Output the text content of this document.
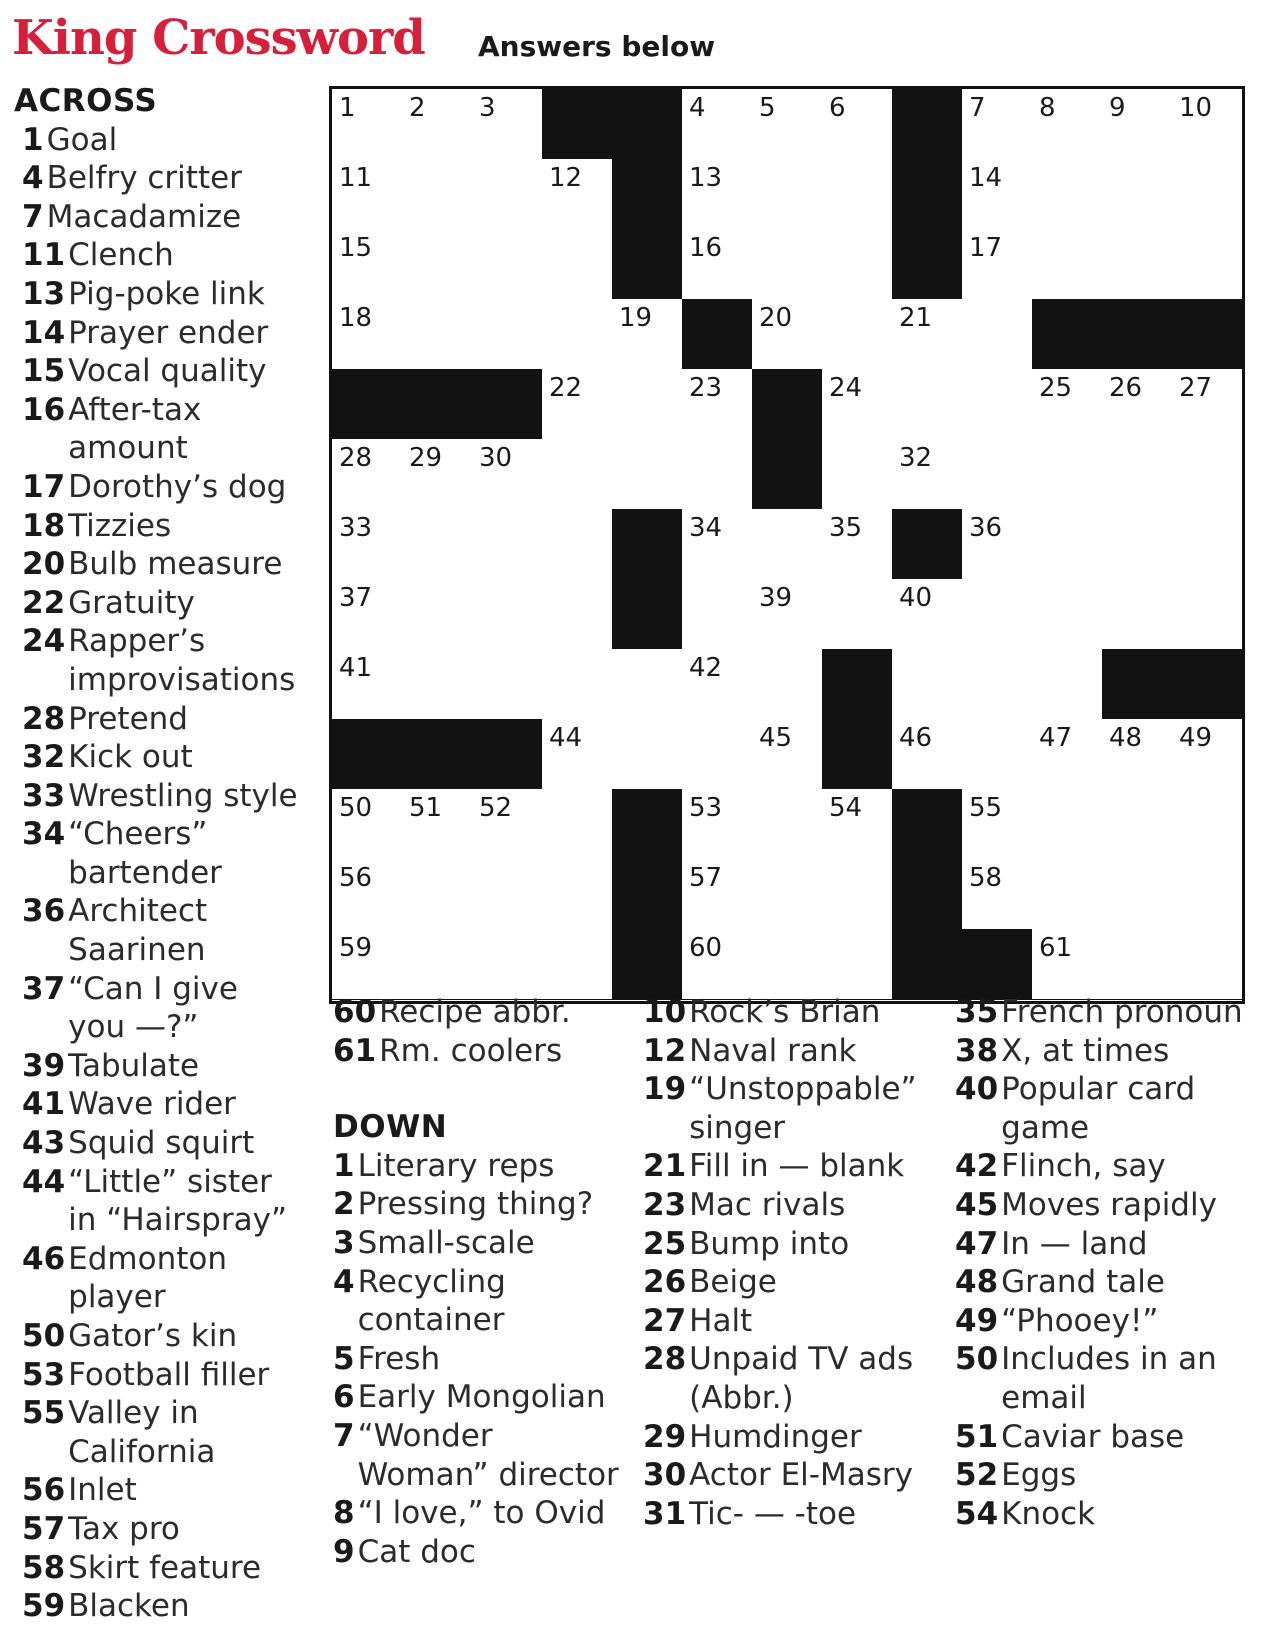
King Crossword Answers below
1 2 3	4 5 6	7 8 9 10
11	12	13	14
15	16	17
18	19	20	21
22	23	24	25 26 27
28 29 30	32
33	34	35	36
37	39	40
41	42
44	45	46	47 48 49
50 51 52	53	54	55
56	57	58
59	60	61
ACROSS
1 Goal
4 Belfry critter
7 Macadamize
11 Clench
13 Pig-poke link
14 Prayer ender
15 Vocal quality
16 After-tax amount
17 Dorothy’s dog
18 Tizzies
20 Bulb measure
22 Gratuity
24 Rapper’s improvisations
28 Pretend
32 Kick out
33 Wrestling style
34 “Cheers” bartender
36 Architect Saarinen
37 “Can I give you —?”
39 Tabulate
41 Wave rider
43 Squid squirt
44 “Little” sister in “Hairspray”
46 Edmonton player
50 Gator’s kin
53 Football filler
55 Valley in California
56 Inlet
57 Tax pro
58 Skirt feature
59 Blacken
60 Recipe abbr.
61 Rm. coolers
DOWN
1 Literary reps
2 Pressing thing?
3 Small-scale
4 Recycling container
5 Fresh
6 Early Mongolian
7 “Wonder Woman” director
8 “I love,” to Ovid
9 Cat doc
10 Rock’s Brian
12 Naval rank
19 “Unstoppable” singer
21 Fill in — blank
23 Mac rivals
25 Bump into
26 Beige
27 Halt
28 Unpaid TV ads (Abbr.)
29 Humdinger
30 Actor El-Masry
31 Tic- — -toe
35 French pronoun
38 X, at times
40 Popular card game
42 Flinch, say
45 Moves rapidly
47 In — land
48 Grand tale
49 “Phooey!”
50 Includes in an email
51 Caviar base
52 Eggs
54 Knock
